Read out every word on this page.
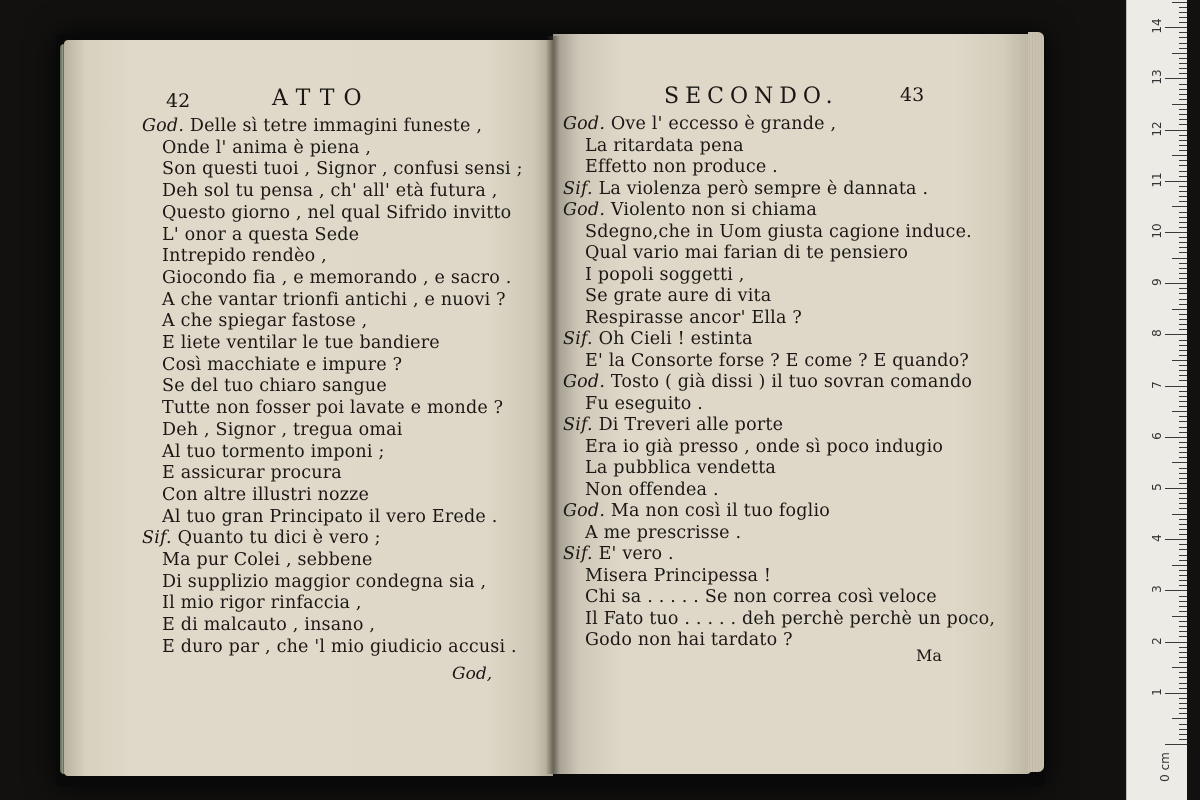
God. Delle sì tetre immagini funeste ,
Onde l' anima è piena ,
Son questi tuoi , Signor , confusi sensi ;
Deh sol tu pensa , ch' all' età futura ,
Questo giorno , nel qual Sifrido invitto
L' onor a questa Sede
Intrepido rendèo ,
Giocondo fia , e memorando , e sacro .
A che vantar trionfi antichi , e nuovi ?
A che spiegar fastose ,
E liete ventilar le tue bandiere
Così macchiate e impure ?
Se del tuo chiaro sangue
Tutte non fosser poi lavate e monde ?
Deh , Signor , tregua omai
Al tuo tormento imponi ;
E assicurar procura
Con altre illustri nozze
Al tuo gran Principato il vero Erede .
Sif. Quanto tu dici è vero ;
Ma pur Colei , sebbene
Di supplizio maggior condegna sia ,
Il mio rigor rinfaccia ,
E di malcauto , insano ,
E duro par , che 'l mio giudicio accusi .
God. Ove l' eccesso è grande ,
La ritardata pena
Effetto non produce .
Sif. La violenza però sempre è dannata .
God. Violento non si chiama
Sdegno,che in Uom giusta cagione induce.
Qual vario mai farian di te pensiero
I popoli soggetti ,
Se grate aure di vita
Respirasse ancor' Ella ?
Sif. Oh Cieli ! estinta
E' la Consorte forse ? E come ? E quando?
God. Tosto ( già dissi ) il tuo sovran comando
Fu eseguito .
Sif. Di Treveri alle porte
Era io già presso , onde sì poco indugio
La pubblica vendetta
Non offendea .
God. Ma non così il tuo foglio
A me prescrisse .
Sif. E' vero .
Misera Principessa !
Chi sa . . . . . Se non correa così veloce
Il Fato tuo . . . . . deh perchè perchè un poco,
Godo non hai tardato ?
42	ATTO
God,
SECONDO.	43
Ma
1
2
3
4
5
6
7
8
9
10
11
12
13
14
0 cm
